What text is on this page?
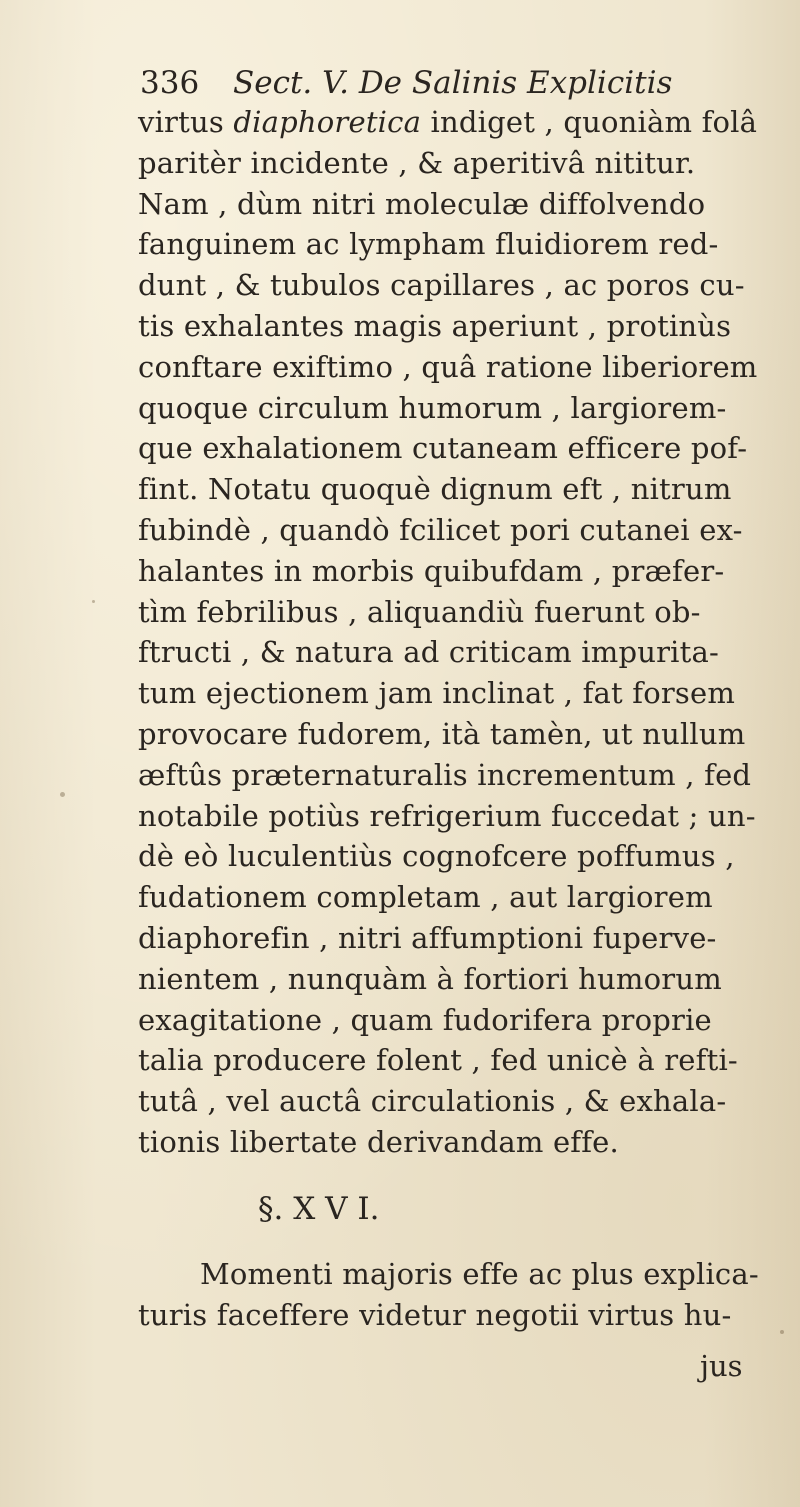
336 Sect. V. De Salinis Explicitis
virtus diaphoretica indiget , quoniàm folâ
paritèr incidente , & aperitivâ nititur.
Nam , dùm nitri moleculæ diffolvendo
fanguinem ac lympham fluidiorem red-
dunt , & tubulos capillares , ac poros cu-
tis exhalantes magis aperiunt , protinùs
conftare exiftimo , quâ ratione liberiorem
quoque circulum humorum , largiorem-
que exhalationem cutaneam efficere pof-
fint. Notatu quoquè dignum eft , nitrum
fubindè , quandò fcilicet pori cutanei ex-
halantes in morbis quibufdam , præfer-
tìm febrilibus , aliquandiù fuerunt ob-
ftructi , & natura ad criticam impurita-
tum ejectionem jam inclinat , fat forsem
provocare fudorem, ità tamèn, ut nullum
æftûs præternaturalis incrementum , fed
notabile potiùs refrigerium fuccedat ; un-
dè eò luculentiùs cognofcere poffumus ,
fudationem completam , aut largiorem
diaphorefin , nitri affumptioni fuperve-
nientem , nunquàm à fortiori humorum
exagitatione , quam fudorifera proprie
talia producere folent , fed unicè à refti-
tutâ , vel auctâ circulationis , & exhala-
tionis libertate derivandam effe.
§. X V I.
Momenti majoris effe ac plus explica-
turis faceffere videtur negotii virtus hu-
jus
